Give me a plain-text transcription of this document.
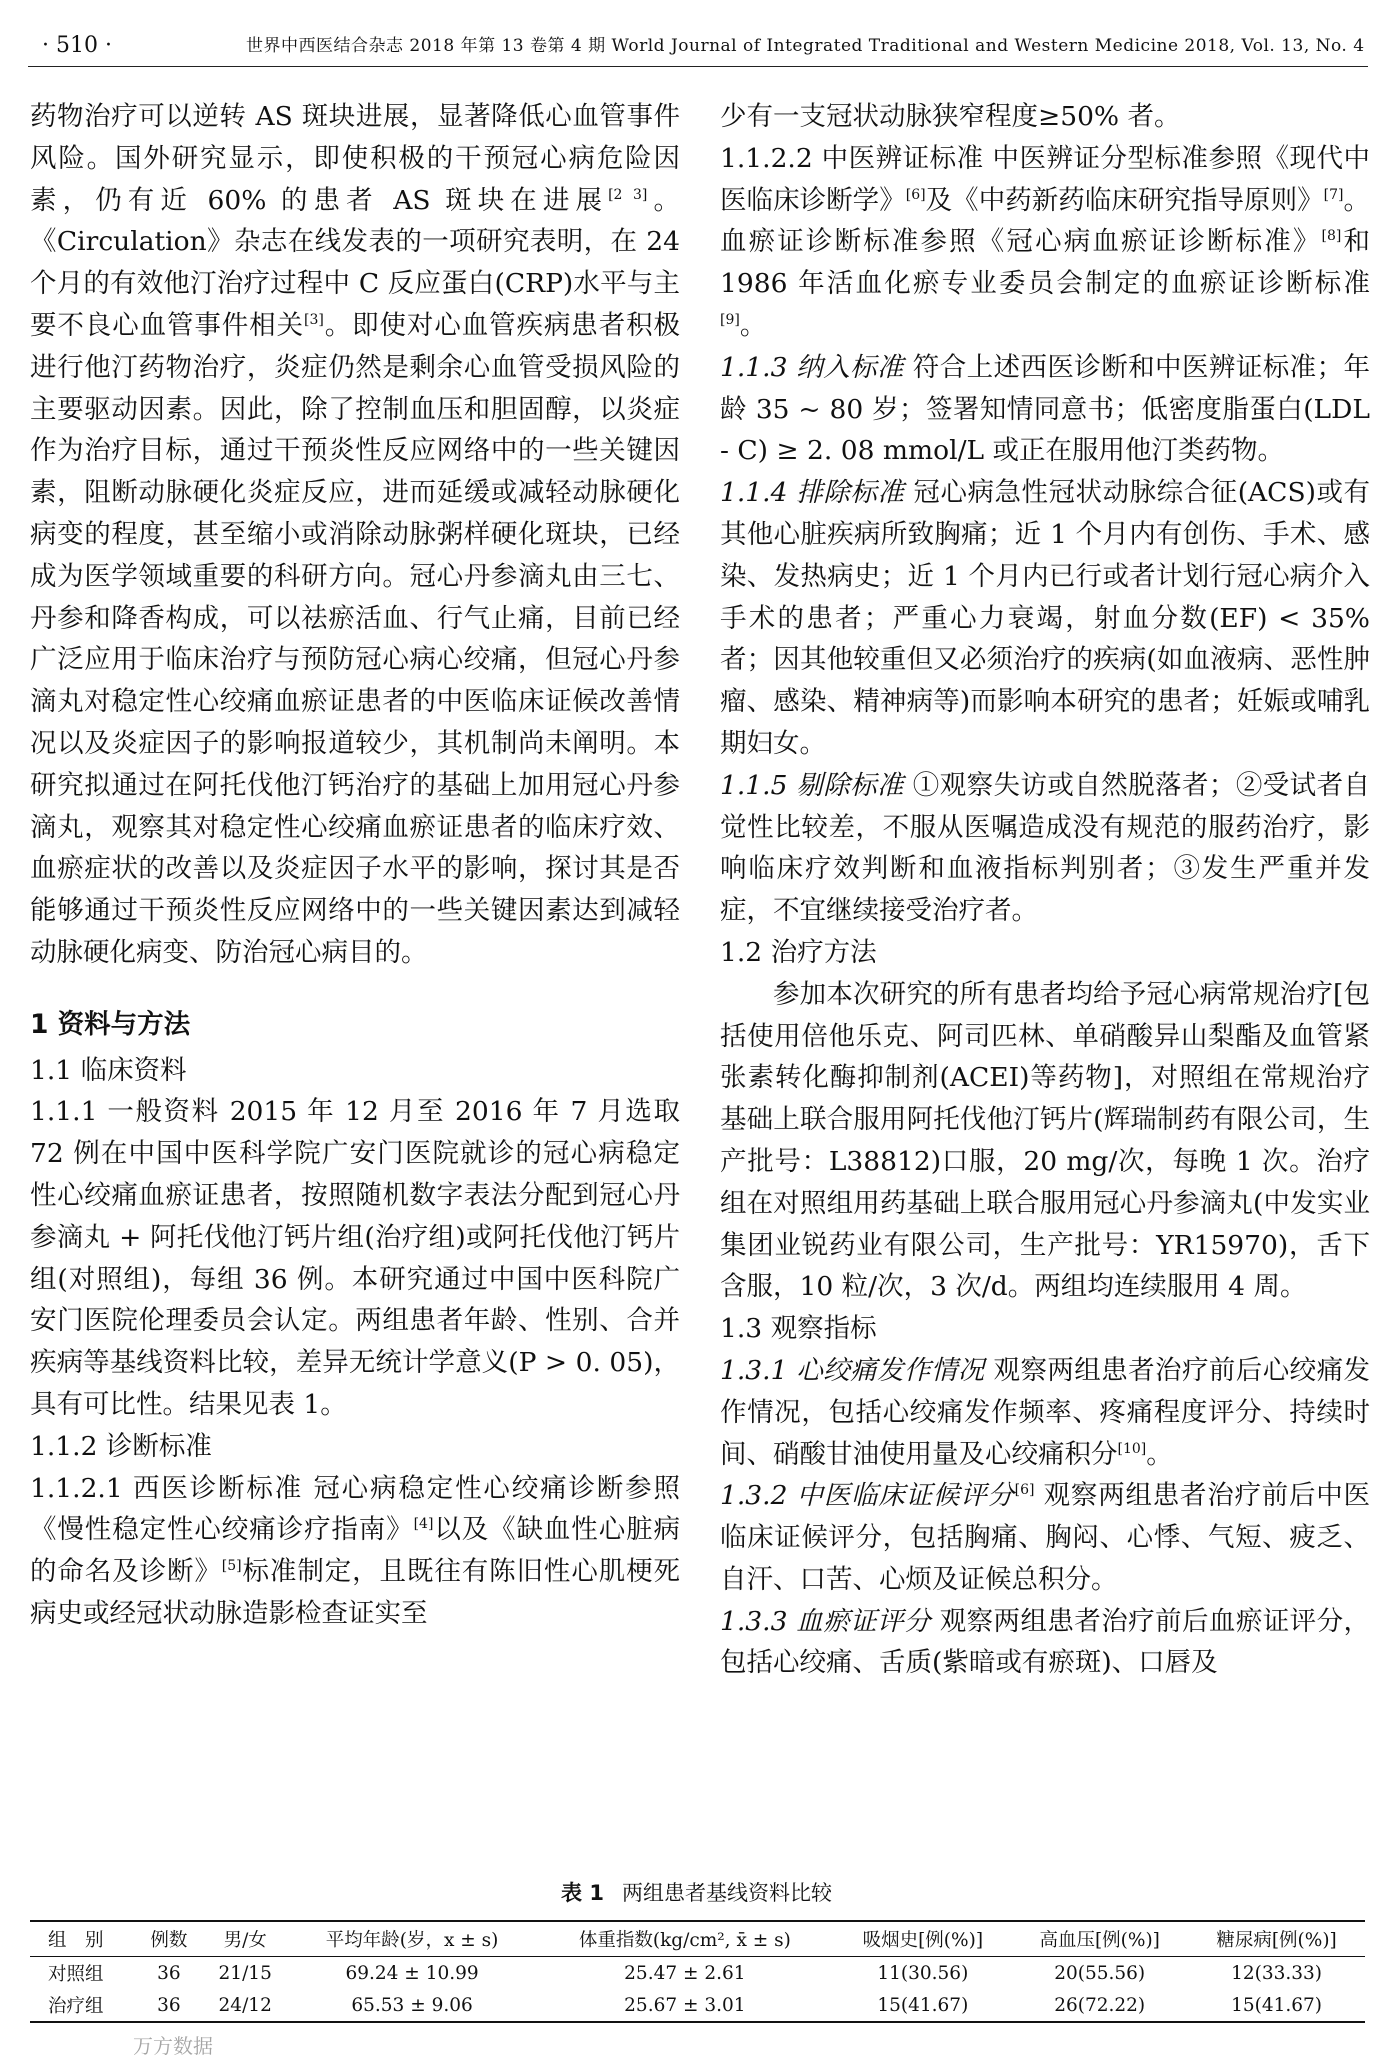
· 510 ·	世界中西医结合杂志 2018 年第 13 卷第 4 期 World Journal of Integrated Traditional and Western Medicine 2018, Vol. 13, No. 4

药物治疗可以逆转 AS 斑块进展，显著降低心血管事件风险。国外研究显示，即使积极的干预冠心病危险因素，仍有近 60% 的患者 AS 斑块在进展[2 3]。《Circulation》杂志在线发表的一项研究表明，在 24 个月的有效他汀治疗过程中 C 反应蛋白(CRP)水平与主要不良心血管事件相关[3]。即使对心血管疾病患者积极进行他汀药物治疗，炎症仍然是剩余心血管受损风险的主要驱动因素。因此，除了控制血压和胆固醇，以炎症作为治疗目标，通过干预炎性反应网络中的一些关键因素，阻断动脉硬化炎症反应，进而延缓或减轻动脉硬化病变的程度，甚至缩小或消除动脉粥样硬化斑块，已经成为医学领域重要的科研方向。冠心丹参滴丸由三七、丹参和降香构成，可以祛瘀活血、行气止痛，目前已经广泛应用于临床治疗与预防冠心病心绞痛，但冠心丹参滴丸对稳定性心绞痛血瘀证患者的中医临床证候改善情况以及炎症因子的影响报道较少，其机制尚未阐明。本研究拟通过在阿托伐他汀钙治疗的基础上加用冠心丹参滴丸，观察其对稳定性心绞痛血瘀证患者的临床疗效、血瘀症状的改善以及炎症因子水平的影响，探讨其是否能够通过干预炎性反应网络中的一些关键因素达到减轻动脉硬化病变、防治冠心病目的。

1 资料与方法

1.1 临床资料

1.1.1 一般资料 2015 年 12 月至 2016 年 7 月选取 72 例在中国中医科学院广安门医院就诊的冠心病稳定性心绞痛血瘀证患者，按照随机数字表法分配到冠心丹参滴丸 + 阿托伐他汀钙片组(治疗组)或阿托伐他汀钙片组(对照组)，每组 36 例。本研究通过中国中医科院广安门医院伦理委员会认定。两组患者年龄、性别、合并疾病等基线资料比较，差异无统计学意义(P > 0. 05)，具有可比性。结果见表 1。

1.1.2 诊断标准

1.1.2.1 西医诊断标准 冠心病稳定性心绞痛诊断参照《慢性稳定性心绞痛诊疗指南》[4]以及《缺血性心脏病的命名及诊断》[5]标准制定，且既往有陈旧性心肌梗死病史或经冠状动脉造影检查证实至

少有一支冠状动脉狭窄程度≥50% 者。

1.1.2.2 中医辨证标准 中医辨证分型标准参照《现代中医临床诊断学》[6]及《中药新药临床研究指导原则》[7]。血瘀证诊断标准参照《冠心病血瘀证诊断标准》[8]和 1986 年活血化瘀专业委员会制定的血瘀证诊断标准[9]。

1.1.3 纳入标准 符合上述西医诊断和中医辨证标准；年龄 35 ~ 80 岁；签署知情同意书；低密度脂蛋白(LDL - C) ≥ 2. 08 mmol/L 或正在服用他汀类药物。

1.1.4 排除标准 冠心病急性冠状动脉综合征(ACS)或有其他心脏疾病所致胸痛；近 1 个月内有创伤、手术、感染、发热病史；近 1 个月内已行或者计划行冠心病介入手术的患者；严重心力衰竭，射血分数(EF) < 35% 者；因其他较重但又必须治疗的疾病(如血液病、恶性肿瘤、感染、精神病等)而影响本研究的患者；妊娠或哺乳期妇女。

1.1.5 剔除标准 ①观察失访或自然脱落者；②受试者自觉性比较差，不服从医嘱造成没有规范的服药治疗，影响临床疗效判断和血液指标判别者；③发生严重并发症，不宜继续接受治疗者。

1.2 治疗方法

参加本次研究的所有患者均给予冠心病常规治疗[包括使用倍他乐克、阿司匹林、单硝酸异山梨酯及血管紧张素转化酶抑制剂(ACEI)等药物]，对照组在常规治疗基础上联合服用阿托伐他汀钙片(辉瑞制药有限公司，生产批号：L38812)口服，20 mg/次，每晚 1 次。治疗组在对照组用药基础上联合服用冠心丹参滴丸(中发实业集团业锐药业有限公司，生产批号：YR15970)，舌下含服，10 粒/次，3 次/d。两组均连续服用 4 周。

1.3 观察指标

1.3.1 心绞痛发作情况 观察两组患者治疗前后心绞痛发作情况，包括心绞痛发作频率、疼痛程度评分、持续时间、硝酸甘油使用量及心绞痛积分[10]。

1.3.2 中医临床证候评分[6] 观察两组患者治疗前后中医临床证候评分，包括胸痛、胸闷、心悸、气短、疲乏、自汗、口苦、心烦及证候总积分。

1.3.3 血瘀证评分 观察两组患者治疗前后血瘀证评分，包括心绞痛、舌质(紫暗或有瘀斑)、口唇及

表 1 两组患者基线资料比较
组　别	例数	男/女	平均年龄(岁，x ± s)	体重指数(kg/cm², x̄ ± s)	吸烟史[例(%)]	高血压[例(%)]	糖尿病[例(%)]
对照组	36	21/15	69.24 ± 10.99	25.47 ± 2.61	11(30.56)	20(55.56)	12(33.33)
治疗组	36	24/12	65.53 ± 9.06	25.67 ± 3.01	15(41.67)	26(72.22)	15(41.67)
万方数据
